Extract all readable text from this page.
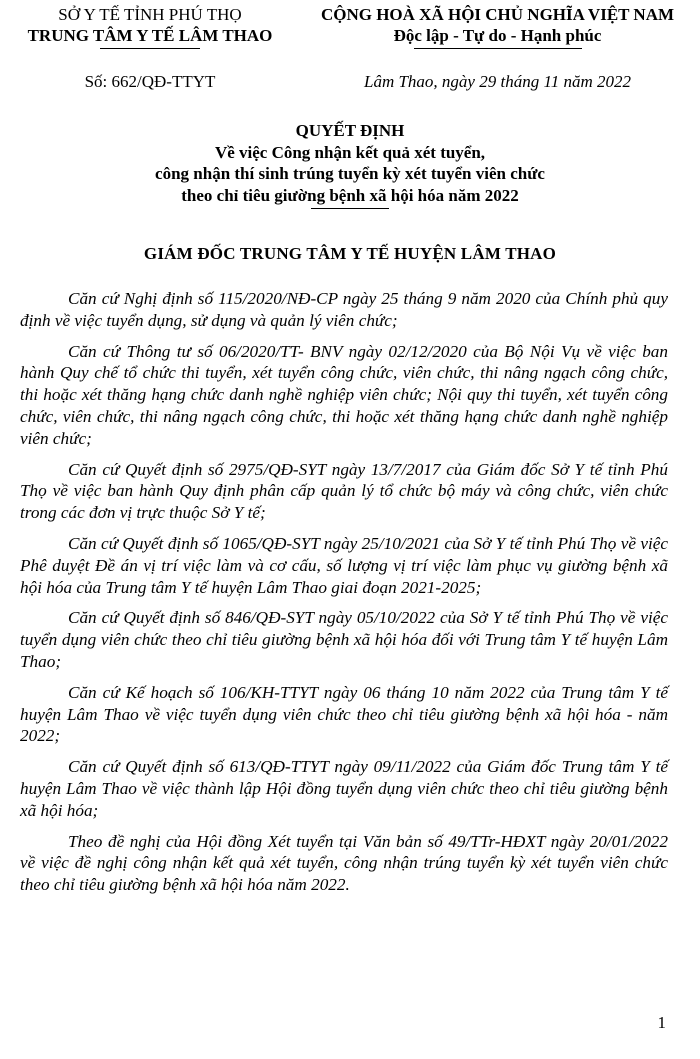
SỞ Y TẾ TỈNH PHÚ THỌ
TRUNG TÂM Y TẾ LÂM THAO
Số: 662/QĐ-TTYT
CỘNG HOÀ XÃ HỘI CHỦ NGHĨA VIỆT NAM
Độc lập - Tự do - Hạnh phúc
Lâm Thao, ngày 29 tháng 11 năm 2022
QUYẾT ĐỊNH
Về việc Công nhận kết quả xét tuyển,
công nhận thí sinh trúng tuyển kỳ xét tuyển viên chức
theo chỉ tiêu giường bệnh xã hội hóa năm 2022
GIÁM ĐỐC TRUNG TÂM Y TẾ HUYỆN LÂM THAO

Căn cứ Nghị định số 115/2020/NĐ-CP ngày 25 tháng 9 năm 2020 của Chính phủ quy định về việc tuyển dụng, sử dụng và quản lý viên chức;

Căn cứ Thông tư số 06/2020/TT- BNV ngày 02/12/2020 của Bộ Nội Vụ về việc ban hành Quy chế tổ chức thi tuyển, xét tuyển công chức, viên chức, thi nâng ngạch công chức, thi hoặc xét thăng hạng chức danh nghề nghiệp viên chức; Nội quy thi tuyển, xét tuyển công chức, viên chức, thi nâng ngạch công chức, thi hoặc xét thăng hạng chức danh nghề nghiệp viên chức;

Căn cứ Quyết định số 2975/QĐ-SYT ngày 13/7/2017 của Giám đốc Sở Y tế tỉnh Phú Thọ về việc ban hành Quy định phân cấp quản lý tổ chức bộ máy và công chức, viên chức trong các đơn vị trực thuộc Sở Y tế;

Căn cứ Quyết định số 1065/QĐ-SYT ngày 25/10/2021 của Sở Y tế tỉnh Phú Thọ về việc Phê duyệt Đề án vị trí việc làm và cơ cấu, số lượng vị trí việc làm phục vụ giường bệnh xã hội hóa của Trung tâm Y tế huyện Lâm Thao giai đoạn 2021-2025;

Căn cứ Quyết định số 846/QĐ-SYT ngày 05/10/2022 của Sở Y tế tỉnh Phú Thọ về việc tuyển dụng viên chức theo chỉ tiêu giường bệnh xã hội hóa đối với Trung tâm Y tế huyện Lâm Thao;

Căn cứ Kế hoạch số 106/KH-TTYT ngày 06 tháng 10 năm 2022 của Trung tâm Y tế huyện Lâm Thao về việc tuyển dụng viên chức theo chỉ tiêu giường bệnh xã hội hóa - năm 2022;

Căn cứ Quyết định số 613/QĐ-TTYT ngày 09/11/2022 của Giám đốc Trung tâm Y tế huyện Lâm Thao về việc thành lập Hội đồng tuyển dụng viên chức theo chỉ tiêu giường bệnh xã hội hóa;

Theo đề nghị của Hội đồng Xét tuyển tại Văn bản số 49/TTr-HĐXT ngày 20/01/2022 về việc đề nghị công nhận kết quả xét tuyển, công nhận trúng tuyển kỳ xét tuyển viên chức theo chỉ tiêu giường bệnh xã hội hóa năm 2022.

1
